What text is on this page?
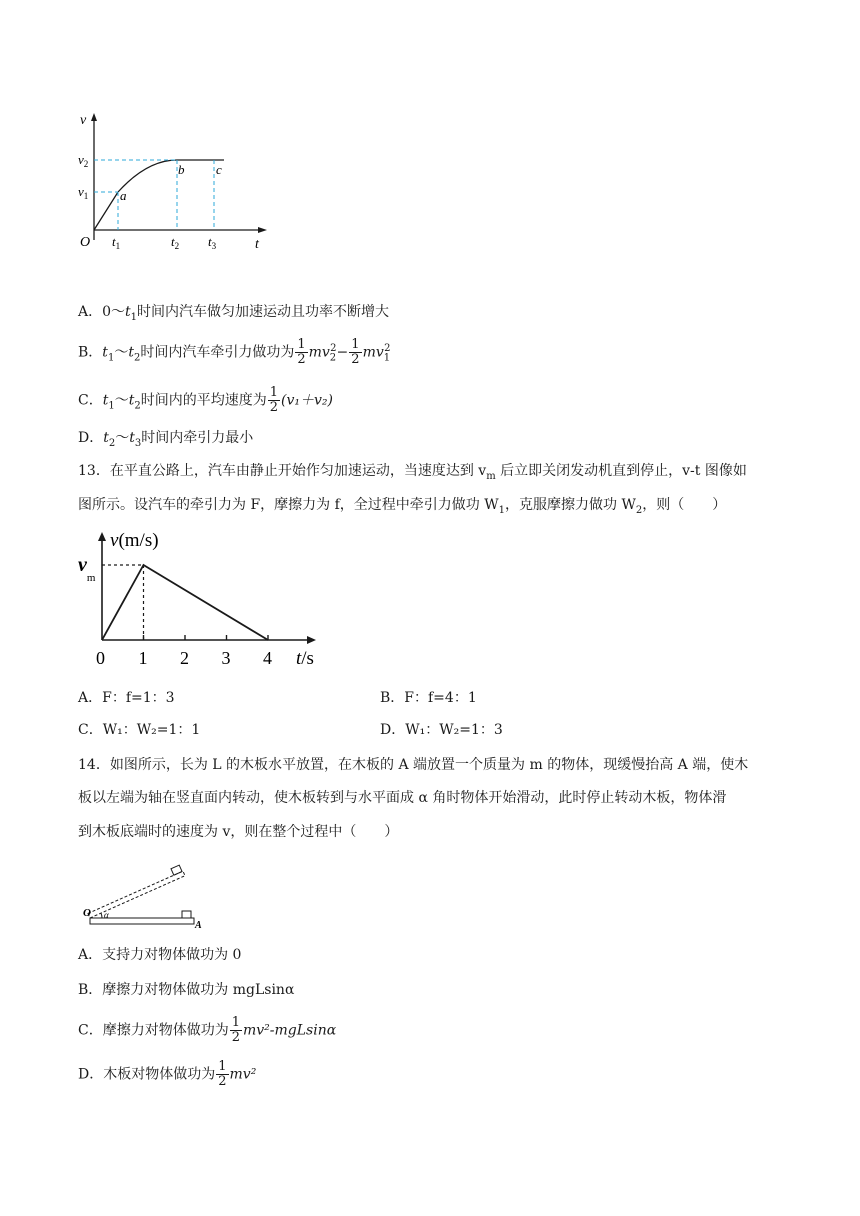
v
t
O
$v_2$
$v_1$ a
b c
$t_1$	$t_2$ $t_3$
A．$0\sim t_1$时间内汽车做匀加速运动且功率不断增大
B．$t_1\sim t_2$时间内汽车牵引力做功为 $\frac{1}{2} mv_2^2- \frac{1}{2} mv_1^2$
C．$t_1\sim t_2$时间内的平均速度为 $\frac{1}{2} (v_1+v_2)$
D．$t_2\sim t_3$时间内牵引力最小
13．在平直公路上，汽车由静止开始作匀加速运动，当速度达到 $v_m$ 后立即关闭发动机直到停止，v-t 图像如
图所示。设汽车的牵引力为 F，摩擦力为 f，全过程中牵引力做功 $W_1$，克服摩擦力做功 $W_2$，则（　　）
v(m/s)
t/s
$v_m$
0 1 2 3 4
A．F：f=1：3	B．F：f=4：1
C．W₁：W₂=1：1	D．W₁：W₂=1：3
14．如图所示，长为 L 的木板水平放置，在木板的 A 端放置一个质量为 m 的物体，现缓慢抬高 A 端，使木
板以左端为轴在竖直面内转动，使木板转到与水平面成 α 角时物体开始滑动，此时停止转动木板，物体滑
到木板底端时的速度为 v，则在整个过程中（　　）
O α
A
A．支持力对物体做功为 0
B．摩擦力对物体做功为 mgLsinα
C．摩擦力对物体做功为 $\frac{1}{2} mv^2-mgLsin\alpha$
D．木板对物体做功为 $\frac{1}{2} mv^2$
